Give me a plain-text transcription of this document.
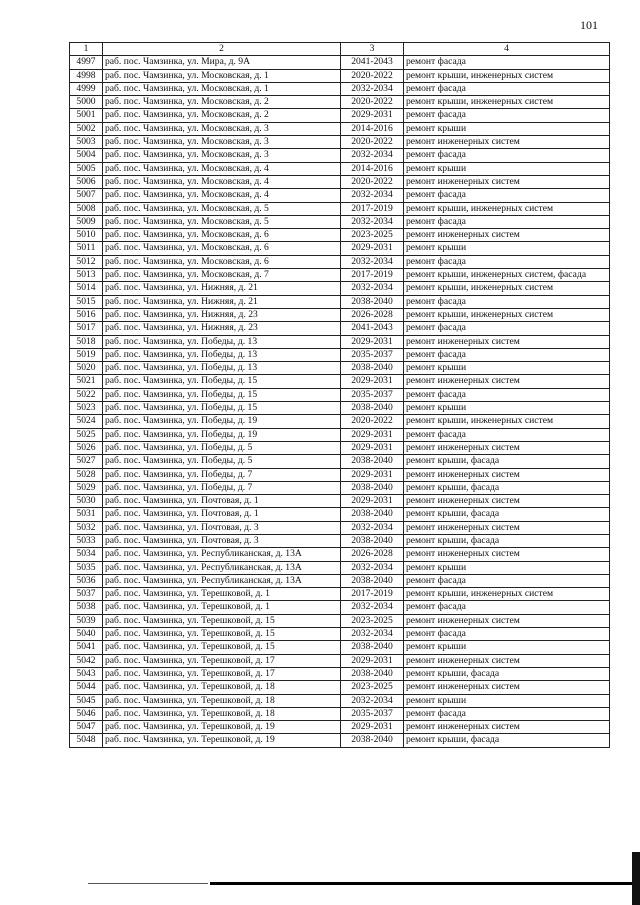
101
1	2	3	4
4997	раб. пос. Чамзинка, ул. Мира, д. 9А	2041-2043	ремонт фасада
4998	раб. пос. Чамзинка, ул. Московская, д. 1	2020-2022	ремонт крыши, инженерных систем
4999	раб. пос. Чамзинка, ул. Московская, д. 1	2032-2034	ремонт фасада
5000	раб. пос. Чамзинка, ул. Московская, д. 2	2020-2022	ремонт крыши, инженерных систем
5001	раб. пос. Чамзинка, ул. Московская, д. 2	2029-2031	ремонт фасада
5002	раб. пос. Чамзинка, ул. Московская, д. 3	2014-2016	ремонт крыши
5003	раб. пос. Чамзинка, ул. Московская, д. 3	2020-2022	ремонт инженерных систем
5004	раб. пос. Чамзинка, ул. Московская, д. 3	2032-2034	ремонт фасада
5005	раб. пос. Чамзинка, ул. Московская, д. 4	2014-2016	ремонт крыши
5006	раб. пос. Чамзинка, ул. Московская, д. 4	2020-2022	ремонт инженерных систем
5007	раб. пос. Чамзинка, ул. Московская, д. 4	2032-2034	ремонт фасада
5008	раб. пос. Чамзинка, ул. Московская, д. 5	2017-2019	ремонт крыши, инженерных систем
5009	раб. пос. Чамзинка, ул. Московская, д. 5	2032-2034	ремонт фасада
5010	раб. пос. Чамзинка, ул. Московская, д. 6	2023-2025	ремонт инженерных систем
5011	раб. пос. Чамзинка, ул. Московская, д. 6	2029-2031	ремонт крыши
5012	раб. пос. Чамзинка, ул. Московская, д. 6	2032-2034	ремонт фасада
5013	раб. пос. Чамзинка, ул. Московская, д. 7	2017-2019	ремонт крыши, инженерных систем, фасада
5014	раб. пос. Чамзинка, ул. Нижняя, д. 21	2032-2034	ремонт крыши, инженерных систем
5015	раб. пос. Чамзинка, ул. Нижняя, д. 21	2038-2040	ремонт фасада
5016	раб. пос. Чамзинка, ул. Нижняя, д. 23	2026-2028	ремонт крыши, инженерных систем
5017	раб. пос. Чамзинка, ул. Нижняя, д. 23	2041-2043	ремонт фасада
5018	раб. пос. Чамзинка, ул. Победы, д. 13	2029-2031	ремонт инженерных систем
5019	раб. пос. Чамзинка, ул. Победы, д. 13	2035-2037	ремонт фасада
5020	раб. пос. Чамзинка, ул. Победы, д. 13	2038-2040	ремонт крыши
5021	раб. пос. Чамзинка, ул. Победы, д. 15	2029-2031	ремонт инженерных систем
5022	раб. пос. Чамзинка, ул. Победы, д. 15	2035-2037	ремонт фасада
5023	раб. пос. Чамзинка, ул. Победы, д. 15	2038-2040	ремонт крыши
5024	раб. пос. Чамзинка, ул. Победы, д. 19	2020-2022	ремонт крыши, инженерных систем
5025	раб. пос. Чамзинка, ул. Победы, д. 19	2029-2031	ремонт фасада
5026	раб. пос. Чамзинка, ул. Победы, д. 5	2029-2031	ремонт инженерных систем
5027	раб. пос. Чамзинка, ул. Победы, д. 5	2038-2040	ремонт крыши, фасада
5028	раб. пос. Чамзинка, ул. Победы, д. 7	2029-2031	ремонт инженерных систем
5029	раб. пос. Чамзинка, ул. Победы, д. 7	2038-2040	ремонт крыши, фасада
5030	раб. пос. Чамзинка, ул. Почтовая, д. 1	2029-2031	ремонт инженерных систем
5031	раб. пос. Чамзинка, ул. Почтовая, д. 1	2038-2040	ремонт крыши, фасада
5032	раб. пос. Чамзинка, ул. Почтовая, д. 3	2032-2034	ремонт инженерных систем
5033	раб. пос. Чамзинка, ул. Почтовая, д. 3	2038-2040	ремонт крыши, фасада
5034	раб. пос. Чамзинка, ул. Республиканская, д. 13А	2026-2028	ремонт инженерных систем
5035	раб. пос. Чамзинка, ул. Республиканская, д. 13А	2032-2034	ремонт крыши
5036	раб. пос. Чамзинка, ул. Республиканская, д. 13А	2038-2040	ремонт фасада
5037	раб. пос. Чамзинка, ул. Терешковой, д. 1	2017-2019	ремонт крыши, инженерных систем
5038	раб. пос. Чамзинка, ул. Терешковой, д. 1	2032-2034	ремонт фасада
5039	раб. пос. Чамзинка, ул. Терешковой, д. 15	2023-2025	ремонт инженерных систем
5040	раб. пос. Чамзинка, ул. Терешковой, д. 15	2032-2034	ремонт фасада
5041	раб. пос. Чамзинка, ул. Терешковой, д. 15	2038-2040	ремонт крыши
5042	раб. пос. Чамзинка, ул. Терешковой, д. 17	2029-2031	ремонт инженерных систем
5043	раб. пос. Чамзинка, ул. Терешковой, д. 17	2038-2040	ремонт крыши, фасада
5044	раб. пос. Чамзинка, ул. Терешковой, д. 18	2023-2025	ремонт инженерных систем
5045	раб. пос. Чамзинка, ул. Терешковой, д. 18	2032-2034	ремонт крыши
5046	раб. пос. Чамзинка, ул. Терешковой, д. 18	2035-2037	ремонт фасада
5047	раб. пос. Чамзинка, ул. Терешковой, д. 19	2029-2031	ремонт инженерных систем
5048	раб. пос. Чамзинка, ул. Терешковой, д. 19	2038-2040	ремонт крыши, фасада
